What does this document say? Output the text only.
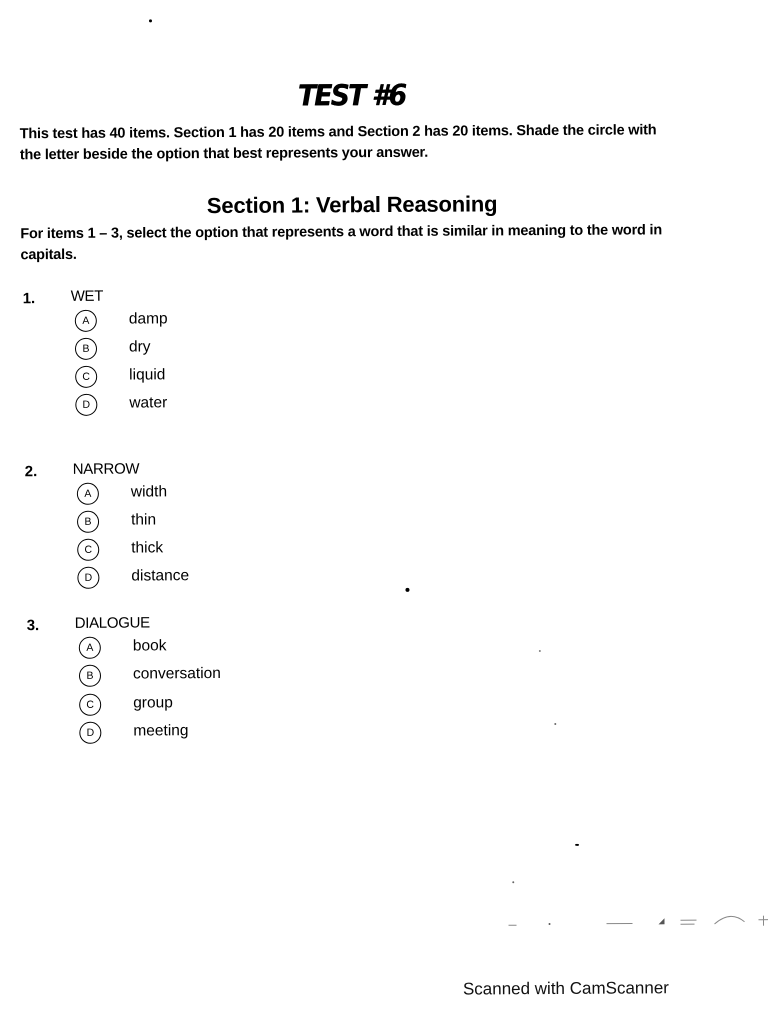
TEST #6
This test has 40 items. Section 1 has 20 items and Section 2 has 20 items. Shade the circle with the letter beside the option that best represents your answer.
Section 1: Verbal Reasoning
For items 1 – 3, select the option that represents a word that is similar in meaning to the word in capitals.
1. WET
A	damp
B	dry
C	liquid
D	water
2. NARROW
A	width
B	thin
C	thick
D	distance
3. DIALOGUE
A	book
B	conversation
C	group
D	meeting
Scanned with CamScanner
